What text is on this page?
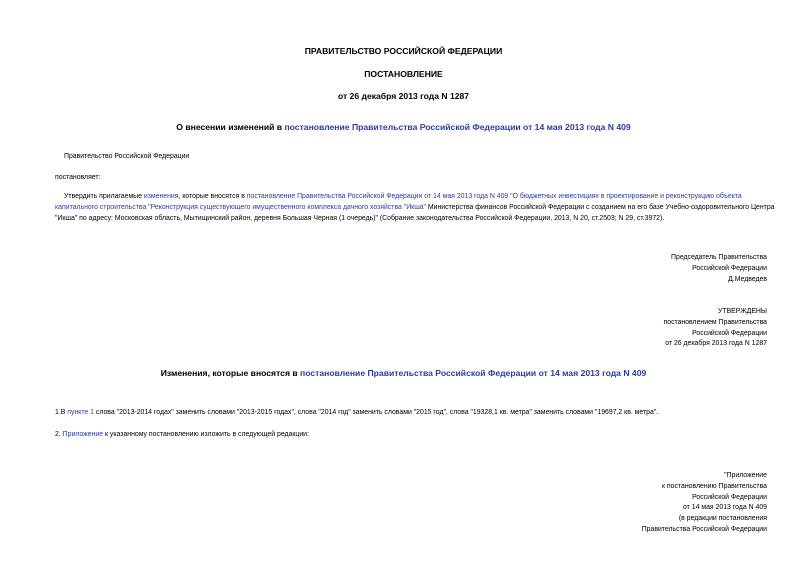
ПРАВИТЕЛЬСТВО РОССИЙСКОЙ ФЕДЕРАЦИИ
ПОСТАНОВЛЕНИЕ
от 26 декабря 2013 года N 1287
О внесении изменений в постановление Правительства Российской Федерации от 14 мая 2013 года N 409
Правительство Российской Федерации
постановляет:
Утвердить прилагаемые изменения, которые вносятся в постановление Правительства Российской Федерации от 14 мая 2013 года N 409 "О бюджетных инвестициях в проектирование и реконструкцию объекта капитального строительства "Реконструкция существующего имущественного комплекса дачного хозяйства "Икша" Министерства финансов Российской Федерации с созданием на его базе Учебно-оздоровительного Центра "Икша" по адресу: Московская область, Мытищинский район, деревня Большая Черная (1 очередь)" (Собрание законодательства Российской Федерации, 2013, N 20, ст.2503; N 29, ст.3972).
Председатель Правительства
Российской Федерации
Д.Медведев
УТВЕРЖДЕНЫ
постановлением Правительства
Российской Федерации
от 26 декабря 2013 года N 1287
Изменения, которые вносятся в постановление Правительства Российской Федерации от 14 мая 2013 года N 409
1.В пункте 1 слова "2013-2014 годах" заменить словами "2013-2015 годах", слова "2014 год" заменить словами "2015 год", слова "19328,1 кв. метра" заменить словами "19697,2 кв. метра".
2. Приложение к указанному постановлению изложить в следующей редакции:
"Приложение
к постановлению Правительства
Российской Федерации
от 14 мая 2013 года N 409
(в редакции постановления
Правительства Российской Федерации
